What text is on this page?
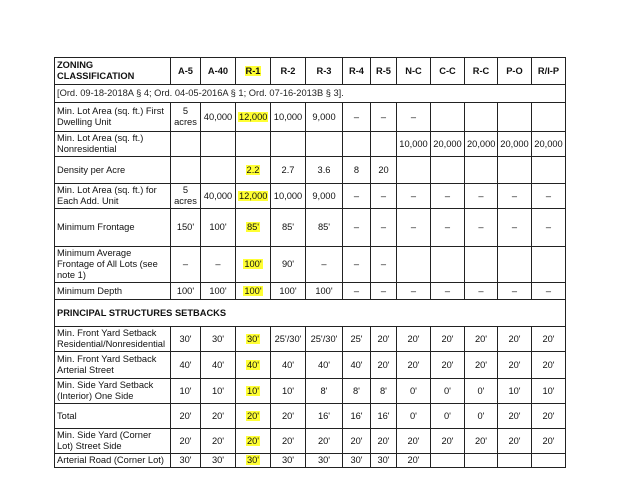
ZONING CLASSIFICATION	A-5	A-40	R-1	R-2	R-3	R-4	R-5	N-C	C-C	R-C	P-O	R/I-P
[Ord. 09-18-2018A § 4; Ord. 04-05-2016A § 1; Ord. 07-16-2013B § 3].												
Min. Lot Area (sq. ft.) First Dwelling Unit	5 acres	40,000	12,000	10,000	9,000	–	–	–				
Min. Lot Area (sq. ft.) Nonresidential								10,000	20,000	20,000	20,000	20,000
Density per Acre			2.2	2.7	3.6	8	20					
Min. Lot Area (sq. ft.) for Each Add. Unit	5 acres	40,000	12,000	10,000	9,000	–	–	–	–	–	–	–
Minimum Frontage	150'	100'	85'	85'	85'	–	–	–	–	–	–	–
Minimum Average Frontage of All Lots (see note 1)	–	–	100'	90'	–	–	–					
Minimum Depth	100'	100'	100'	100'	100'	–	–	–	–	–	–	–
PRINCIPAL STRUCTURES SETBACKS												
Min. Front Yard Setback Residential/Nonresidential	30'	30'	30'	25'/30'	25'/30'	25'	20'	20'	20'	20'	20'	20'
Min. Front Yard Setback Arterial Street	40'	40'	40'	40'	40'	40'	20'	20'	20'	20'	20'	20'
Min. Side Yard Setback (Interior) One Side	10'	10'	10'	10'	8'	8'	8'	0'	0'	0'	10'	10'
Total	20'	20'	20'	20'	16'	16'	16'	0'	0'	0'	20'	20'
Min. Side Yard (Corner Lot) Street Side	20'	20'	20'	20'	20'	20'	20'	20'	20'	20'	20'	20'
Arterial Road (Corner Lot)	30'	30'	30'	30'	30'	30'	30'	20'				
